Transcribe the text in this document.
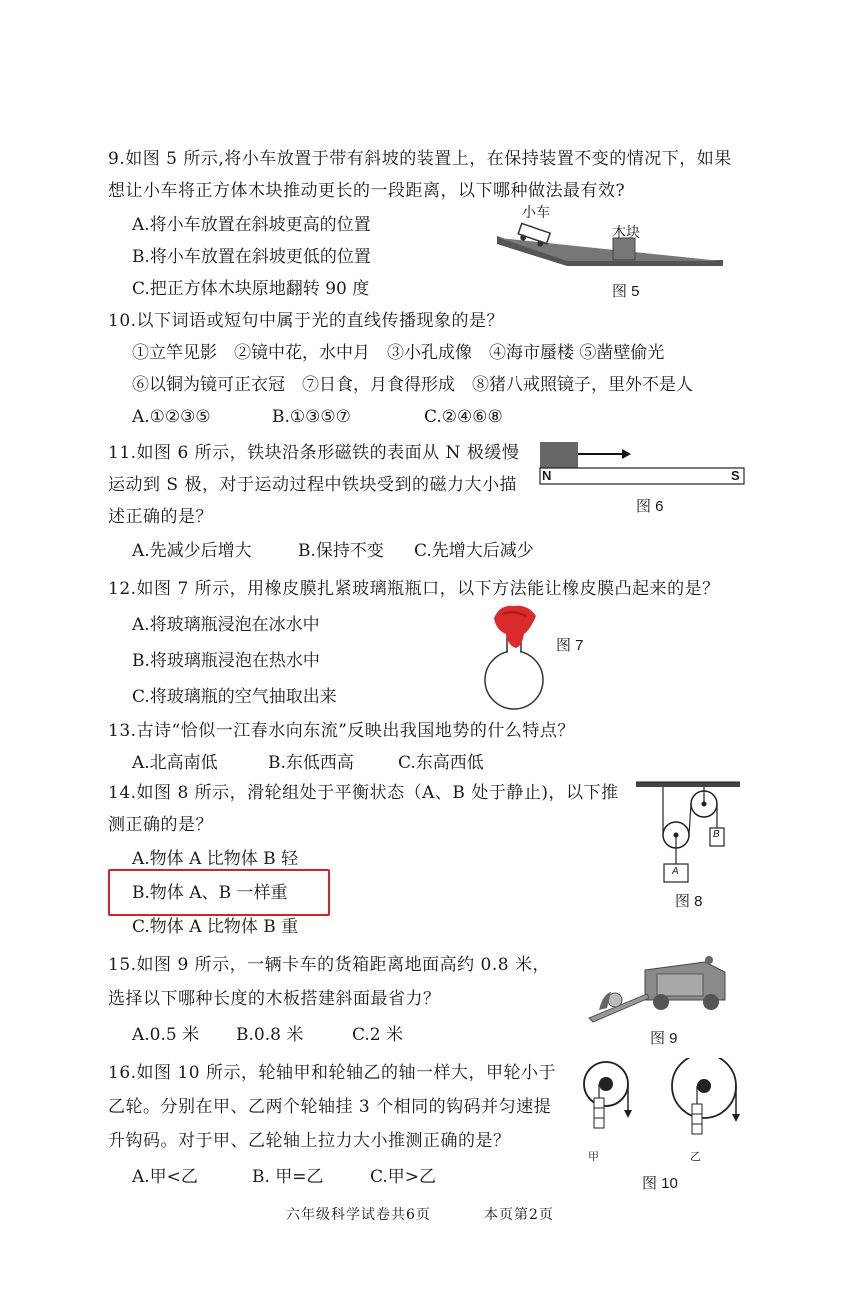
9.如图 5 所示,将小车放置于带有斜坡的装置上，在保持装置不变的情况下，如果
想让小车将正方体木块推动更长的一段距离，以下哪种做法最有效?
A.将小车放置在斜坡更高的位置
B.将小车放置在斜坡更低的位置
C.把正方体木块原地翻转 90 度
小车
木块
图 5
10.以下词语或短句中属于光的直线传播现象的是？
①立竿见影　②镜中花，水中月　③小孔成像　④海市蜃楼 ⑤凿壁偷光
⑥以铜为镜可正衣冠　⑦日食，月食得形成　⑧猪八戒照镜子，里外不是人
A.①②③⑤	B.①③⑤⑦	C.②④⑥⑧
11.如图 6 所示，铁块沿条形磁铁的表面从 N 极缓慢
运动到 S 极，对于运动过程中铁块受到的磁力大小描
述正确的是？
A.先减少后增大	B.保持不变 C.先增大后减少
N	S
图 6
12.如图 7 所示，用橡皮膜扎紧玻璃瓶瓶口，以下方法能让橡皮膜凸起来的是？
A.将玻璃瓶浸泡在冰水中
B.将玻璃瓶浸泡在热水中
C.将玻璃瓶的空气抽取出来
图 7
13.古诗“恰似一江春水向东流”反映出我国地势的什么特点？
A.北高南低	B.东低西高	C.东高西低
14.如图 8 所示，滑轮组处于平衡状态（A、B 处于静止)，以下推
测正确的是？
A.物体 A 比物体 B 轻
B.物体 A、B 一样重
C.物体 A 比物体 B 重
B
A
图 8
15.如图 9 所示，一辆卡车的货箱距离地面高约 0.8 米，
选择以下哪种长度的木板搭建斜面最省力？
A.0.5 米 B.0.8 米	C.2 米	图 9
16.如图 10 所示，轮轴甲和轮轴乙的轴一样大，甲轮小于
乙轮。分别在甲、乙两个轮轴挂 3 个相同的钩码并匀速提
升钩码。对于甲、乙轮轴上拉力大小推测正确的是？
A.甲<乙	B. 甲=乙	C.甲>乙
甲	乙
图 10
六年级科学试卷共6页	本页第2页
